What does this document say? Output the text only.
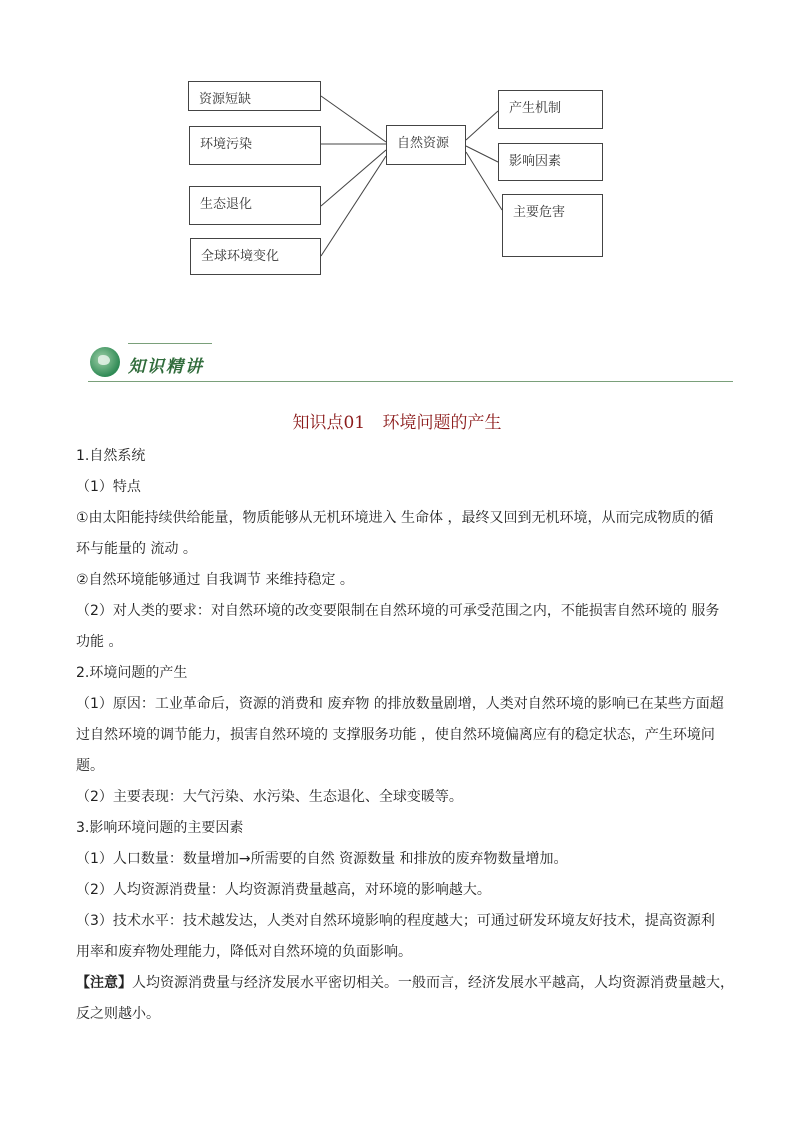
资源短缺
环境污染
生态退化
全球环境变化
自然资源
产生机制
影响因素
主要危害
知识精讲
知识点01 环境问题的产生

1.自然系统

（1）特点

①由太阳能持续供给能量，物质能够从无机环境进入 生命体 ，最终又回到无机环境，从而完成物质的循

环与能量的 流动 。

②自然环境能够通过 自我调节 来维持稳定 。

（2）对人类的要求：对自然环境的改变要限制在自然环境的可承受范围之内，不能损害自然环境的 服务

功能 。

2.环境问题的产生

（1）原因：工业革命后，资源的消费和 废弃物 的排放数量剧增，人类对自然环境的影响已在某些方面超

过自然环境的调节能力，损害自然环境的 支撑服务功能 ，使自然环境偏离应有的稳定状态，产生环境问

题。

（2）主要表现：大气污染、水污染、生态退化、全球变暖等。

3.影响环境问题的主要因素

（1）人口数量：数量增加→所需要的自然 资源数量 和排放的废弃物数量增加。

（2）人均资源消费量：人均资源消费量越高，对环境的影响越大。

（3）技术水平：技术越发达，人类对自然环境影响的程度越大；可通过研发环境友好技术，提高资源利

用率和废弃物处理能力，降低对自然环境的负面影响。

【注意】人均资源消费量与经济发展水平密切相关。一般而言，经济发展水平越高，人均资源消费量越大，

反之则越小。
